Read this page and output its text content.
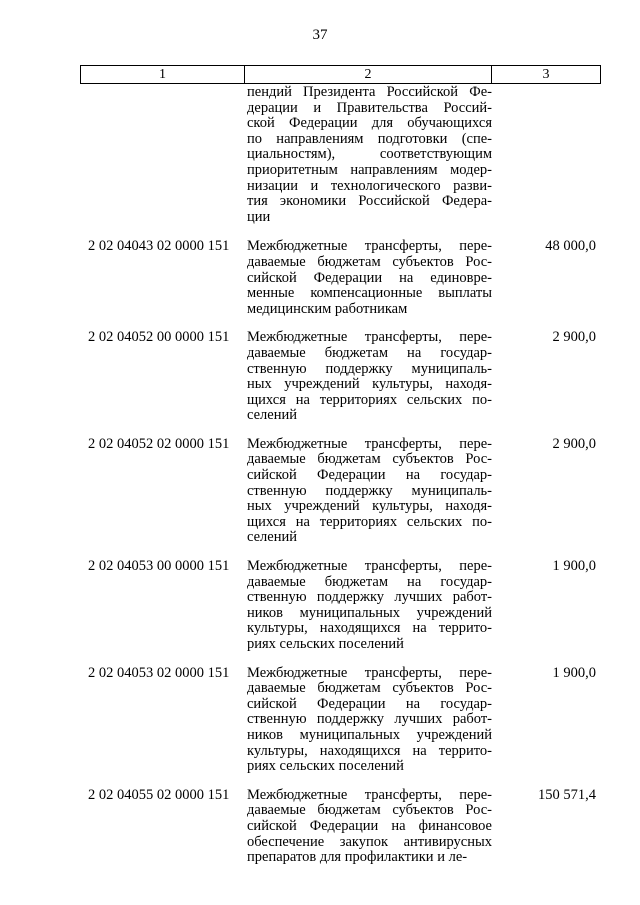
37
1	2	3
пендий Президента Российской Фе-
дерации и Правительства Россий-
ской Федерации для обучающихся
по направлениям подготовки (спе-
циальностям), соответствующим
приоритетным направлениям модер-
низации и технологического разви-
тия экономики Российской Федера-
ции
2 02 04043 02 0000 151	Межбюджетные трансферты, пере-
даваемые бюджетам субъектов Рос-
сийской Федерации на единовре-
менные компенсационные выплаты
медицинским работникам
48 000,0
2 02 04052 00 0000 151	Межбюджетные трансферты, пере-
даваемые бюджетам на государ-
ственную поддержку муниципаль-
ных учреждений культуры, находя-
щихся на территориях сельских по-
селений
2 900,0
2 02 04052 02 0000 151	Межбюджетные трансферты, пере-
даваемые бюджетам субъектов Рос-
сийской Федерации на государ-
ственную поддержку муниципаль-
ных учреждений культуры, находя-
щихся на территориях сельских по-
селений
2 900,0
2 02 04053 00 0000 151	Межбюджетные трансферты, пере-
даваемые бюджетам на государ-
ственную поддержку лучших работ-
ников муниципальных учреждений
культуры, находящихся на террито-
риях сельских поселений
1 900,0
2 02 04053 02 0000 151	Межбюджетные трансферты, пере-
даваемые бюджетам субъектов Рос-
сийской Федерации на государ-
ственную поддержку лучших работ-
ников муниципальных учреждений
культуры, находящихся на террито-
риях сельских поселений
1 900,0
2 02 04055 02 0000 151	Межбюджетные трансферты, пере-
даваемые бюджетам субъектов Рос-
сийской Федерации на финансовое
обеспечение закупок антивирусных
препаратов для профилактики и ле-
150 571,4
